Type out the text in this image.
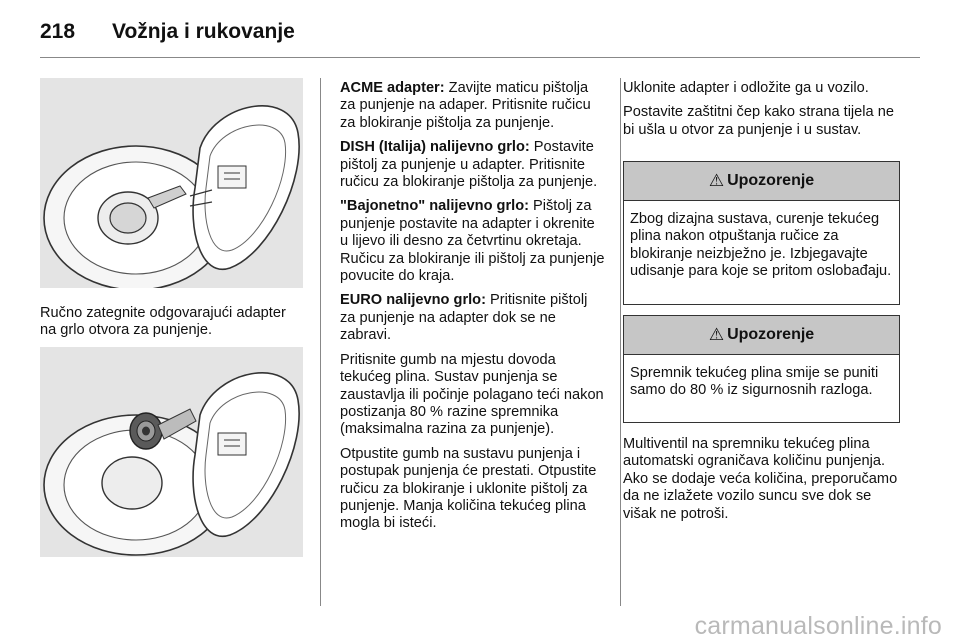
218 Vožnja i rukovanje
Ručno zategnite odgovarajući adapter na grlo otvora za punjenje.

ACME adapter: Zavijte maticu pištolja za punjenje na adaper. Pritisnite ručicu za blokiranje pištolja za punjenje.

DISH (Italija) nalijevno grlo: Postavite pištolj za punjenje u adapter. Pritisnite ručicu za blokiranje pištolja za punjenje.

"Bajonetno" nalijevno grlo: Pištolj za punjenje postavite na adapter i okrenite u lijevo ili desno za četvrtinu okretaja. Ručicu za blokiranje ili pištolj za punjenje povucite do kraja.

EURO nalijevno grlo: Pritisnite pištolj za punjenje na adapter dok se ne zabravi.

Pritisnite gumb na mjestu dovoda tekućeg plina. Sustav punjenja se zaustavlja ili počinje polagano teći nakon postizanja 80 % razine spremnika (maksimalna razina za punjenje).

Otpustite gumb na sustavu punjenja i postupak punjenja će prestati. Otpustite ručicu za blokiranje i uklonite pištolj za punjenje. Manja količina tekućeg plina mogla bi isteći.

Uklonite adapter i odložite ga u vozilo.

Postavite zaštitni čep kako strana tijela ne bi ušla u otvor za punjenje i u sustav.

⚠ Upozorenje
Zbog dizajna sustava, curenje tekućeg plina nakon otpuštanja ručice za blokiranje neizbježno je. Izbjegavajte udisanje para koje se pritom oslobađaju.
⚠ Upozorenje
Spremnik tekućeg plina smije se puniti samo do 80 % iz sigurnosnih razloga.

Multiventil na spremniku tekućeg plina automatski ograničava količinu punjenja. Ako se dodaje veća količina, preporučamo da ne izlažete vozilo suncu sve dok se višak ne potroši.

carmanualsonline.info
